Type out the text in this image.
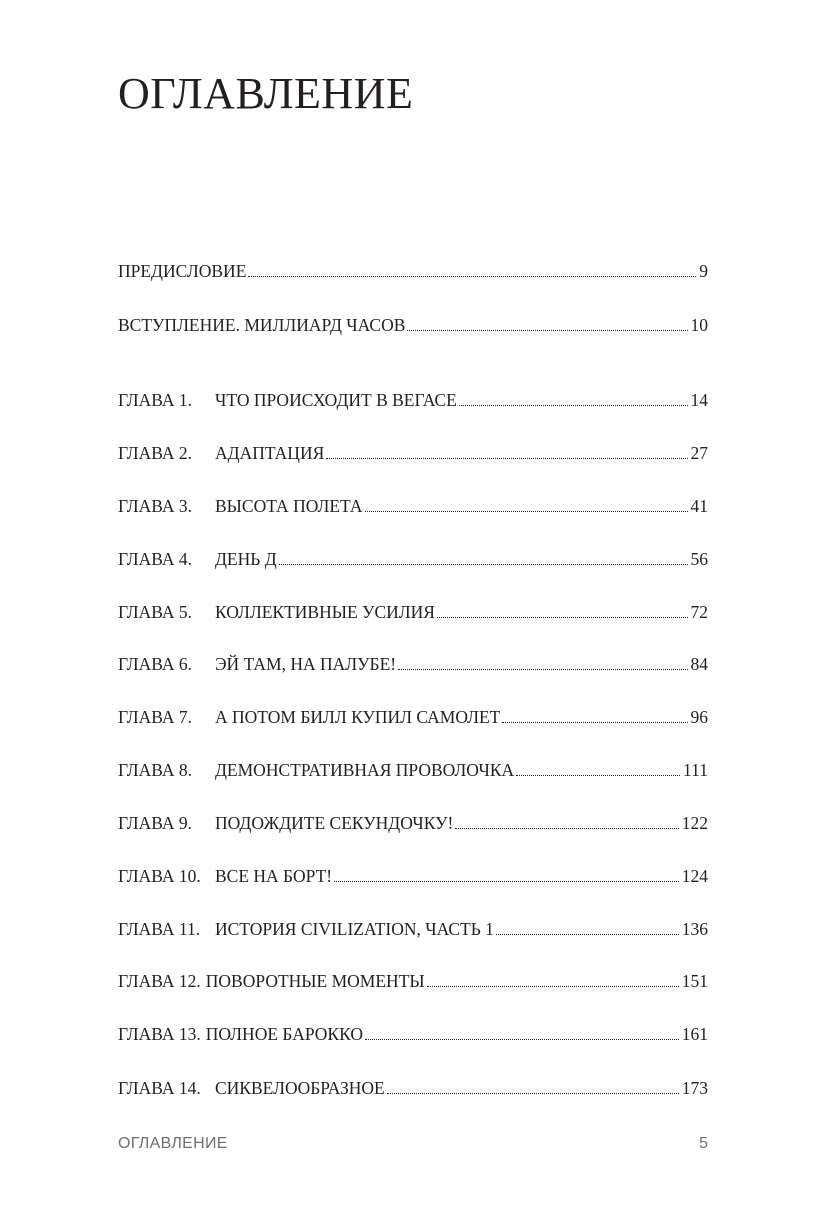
ОГЛАВЛЕНИЕ
ПРЕДИСЛОВИЕ	9
ВСТУПЛЕНИЕ. МИЛЛИАРД ЧАСОВ	10
ГЛАВА 1.	ЧТО ПРОИСХОДИТ В ВЕГАСЕ	14
ГЛАВА 2.	АДАПТАЦИЯ	27
ГЛАВА 3.	ВЫСОТА ПОЛЕТА	41
ГЛАВА 4.	ДЕНЬ Д	56
ГЛАВА 5.	КОЛЛЕКТИВНЫЕ УСИЛИЯ	72
ГЛАВА 6.	ЭЙ ТАМ, НА ПАЛУБЕ!	84
ГЛАВА 7.	А ПОТОМ БИЛЛ КУПИЛ САМОЛЕТ	96
ГЛАВА 8.	ДЕМОНСТРАТИВНАЯ ПРОВОЛОЧКА	111
ГЛАВА 9.	ПОДОЖДИТЕ СЕКУНДОЧКУ!	122
ГЛАВА 10. ВСЕ НА БОРТ!	124
ГЛАВА 11. ИСТОРИЯ CIVILIZATION, ЧАСТЬ 1	136
ГЛАВА 12. ПОВОРОТНЫЕ МОМЕНТЫ	151
ГЛАВА 13. ПОЛНОЕ БАРОККО	161
ГЛАВА 14. СИКВЕЛООБРАЗНОЕ	173
ОГЛАВЛЕНИЕ	5
